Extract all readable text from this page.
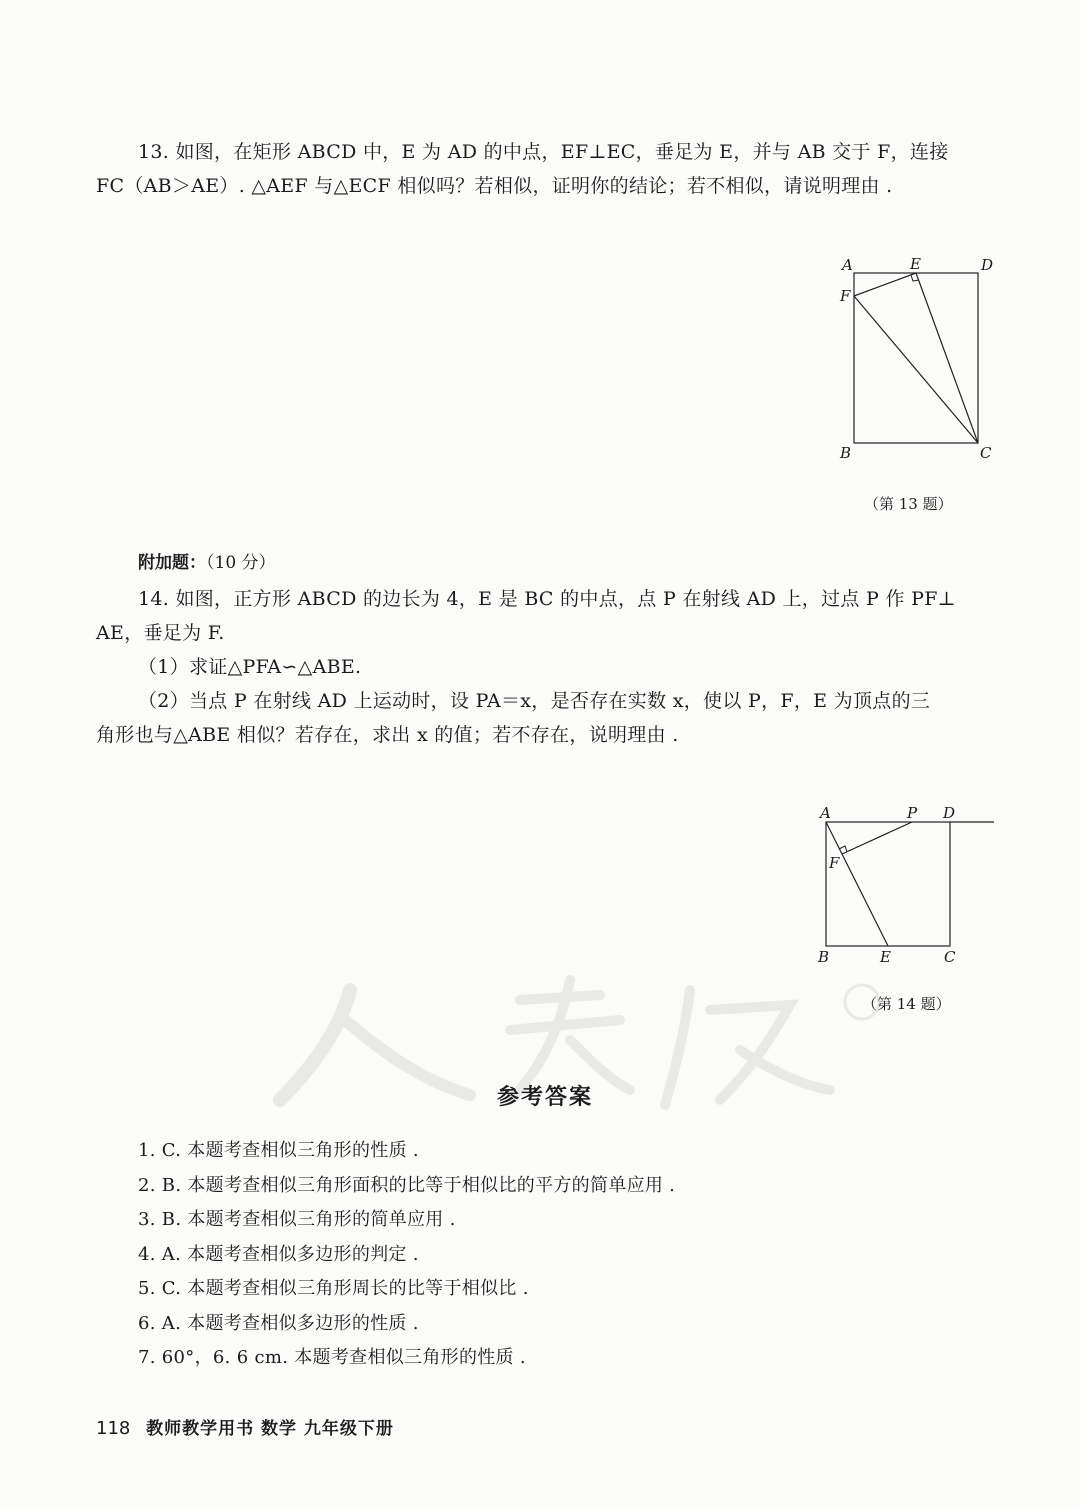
13. 如图，在矩形 ABCD 中，E 为 AD 的中点，EF⊥EC，垂足为 E，并与 AB 交于 F，连接
FC（AB＞AE）. △AEF 与△ECF 相似吗？若相似，证明你的结论；若不相似，请说明理由 .
A	E	D
F
B	C
（第 13 题）
附加题：（10 分）
14. 如图，正方形 ABCD 的边长为 4，E 是 BC 的中点，点 P 在射线 AD 上，过点 P 作 PF⊥
AE，垂足为 F.
（1）求证△PFA∽△ABE.
（2）当点 P 在射线 AD 上运动时，设 PA＝x，是否存在实数 x，使以 P，F，E 为顶点的三
角形也与△ABE 相似？若存在，求出 x 的值；若不存在，说明理由 .
A	P D
F
B	E	C
（第 14 题）
参考答案
1. C. 本题考查相似三角形的性质 .
2. B. 本题考查相似三角形面积的比等于相似比的平方的简单应用 .
3. B. 本题考查相似三角形的简单应用 .
4. A. 本题考查相似多边形的判定 .
5. C. 本题考查相似三角形周长的比等于相似比 .
6. A. 本题考查相似多边形的性质 .
7. 60°，6. 6 cm. 本题考查相似三角形的性质 .
118 教师教学用书 数学 九年级下册
